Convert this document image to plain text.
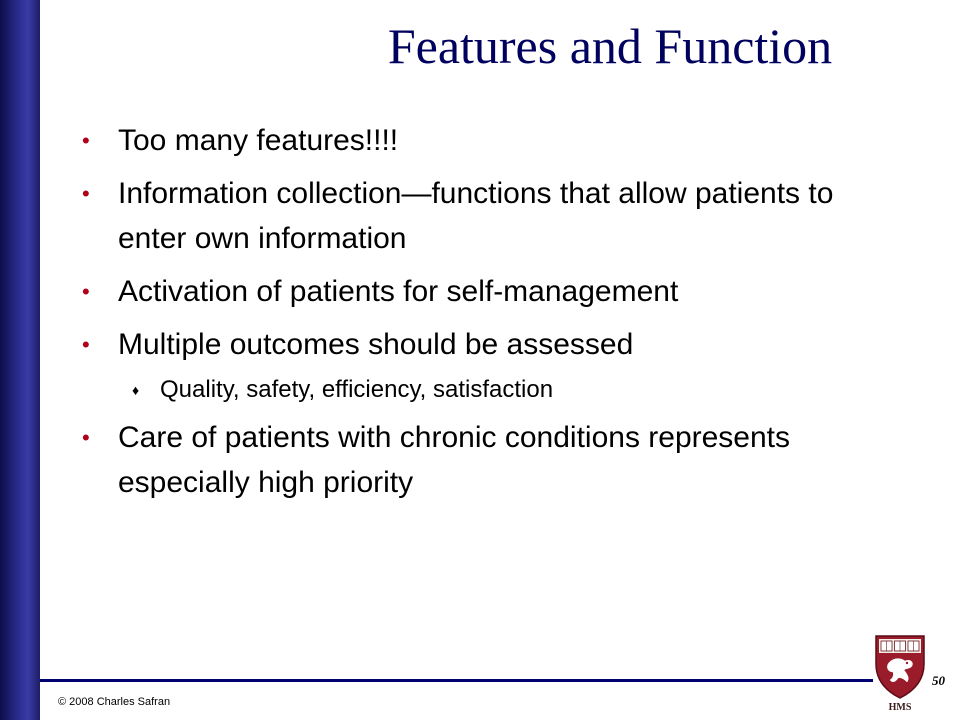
Features and Function
• Too many features!!!!
• Information collection—functions that allow patients to enter own information
• Activation of patients for self-management
• Multiple outcomes should be assessed
♦ Quality, safety, efficiency, satisfaction
• Care of patients with chronic conditions represents especially high priority
© 2008 Charles Safran	HMS
50
